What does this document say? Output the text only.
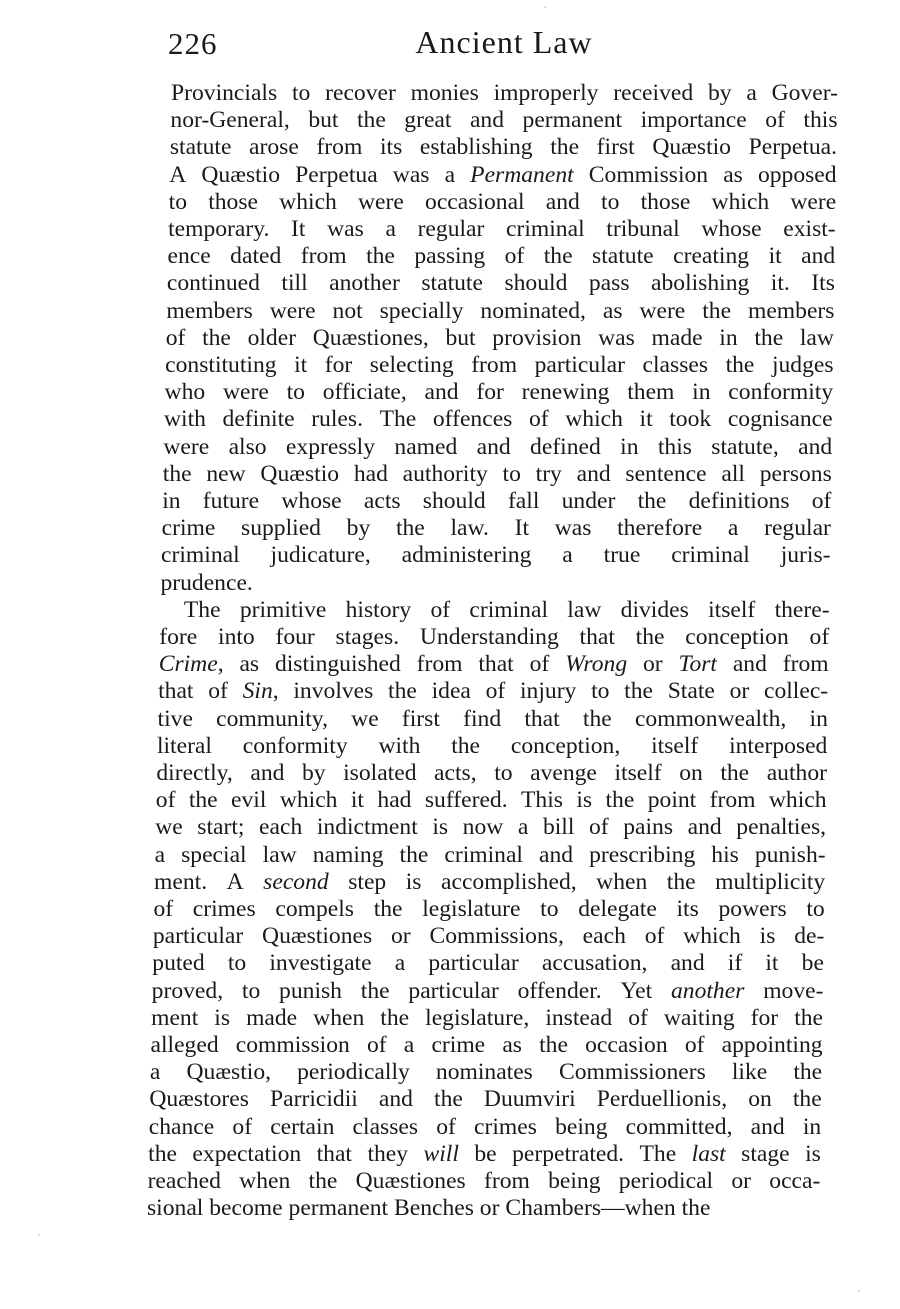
226	Ancient Law
Provincials to recover monies improperly received by a Gover-
nor-General, but the great and permanent importance of this
statute arose from its establishing the first Quæstio Perpetua.
A Quæstio Perpetua was a Permanent Commission as opposed
to those which were occasional and to those which were
temporary. It was a regular criminal tribunal whose exist-
ence dated from the passing of the statute creating it and
continued till another statute should pass abolishing it. Its
members were not specially nominated, as were the members
of the older Quæstiones, but provision was made in the law
constituting it for selecting from particular classes the judges
who were to officiate, and for renewing them in conformity
with definite rules. The offences of which it took cognisance
were also expressly named and defined in this statute, and
the new Quæstio had authority to try and sentence all persons
in future whose acts should fall under the definitions of
crime supplied by the law. It was therefore a regular
criminal judicature, administering a true criminal juris-
prudence.
The primitive history of criminal law divides itself there-
fore into four stages. Understanding that the conception of
Crime, as distinguished from that of Wrong or Tort and from
that of Sin, involves the idea of injury to the State or collec-
tive community, we first find that the commonwealth, in
literal conformity with the conception, itself interposed
directly, and by isolated acts, to avenge itself on the author
of the evil which it had suffered. This is the point from which
we start; each indictment is now a bill of pains and penalties,
a special law naming the criminal and prescribing his punish-
ment. A second step is accomplished, when the multiplicity
of crimes compels the legislature to delegate its powers to
particular Quæstiones or Commissions, each of which is de-
puted to investigate a particular accusation, and if it be
proved, to punish the particular offender. Yet another move-
ment is made when the legislature, instead of waiting for the
alleged commission of a crime as the occasion of appointing
a Quæstio, periodically nominates Commissioners like the
Quæstores Parricidii and the Duumviri Perduellionis, on the
chance of certain classes of crimes being committed, and in
the expectation that they will be perpetrated. The last stage is
reached when the Quæstiones from being periodical or occa-
sional become permanent Benches or Chambers—when the
